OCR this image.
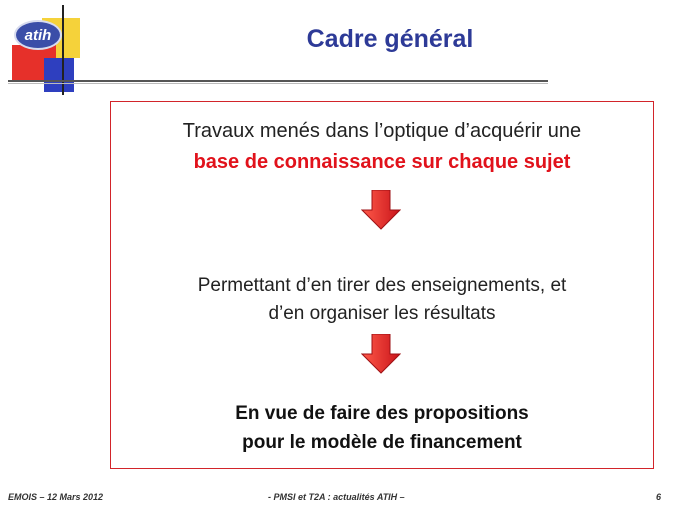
atih	Cadre général
Travaux menés dans l’optique d’acquérir une
base de connaissance sur chaque sujet
Permettant d’en tirer des enseignements, et
d’en organiser les résultats
En vue de faire des propositions
pour le modèle de financement
EMOIS – 12 Mars 2012	- PMSI et T2A : actualités ATIH –	6
